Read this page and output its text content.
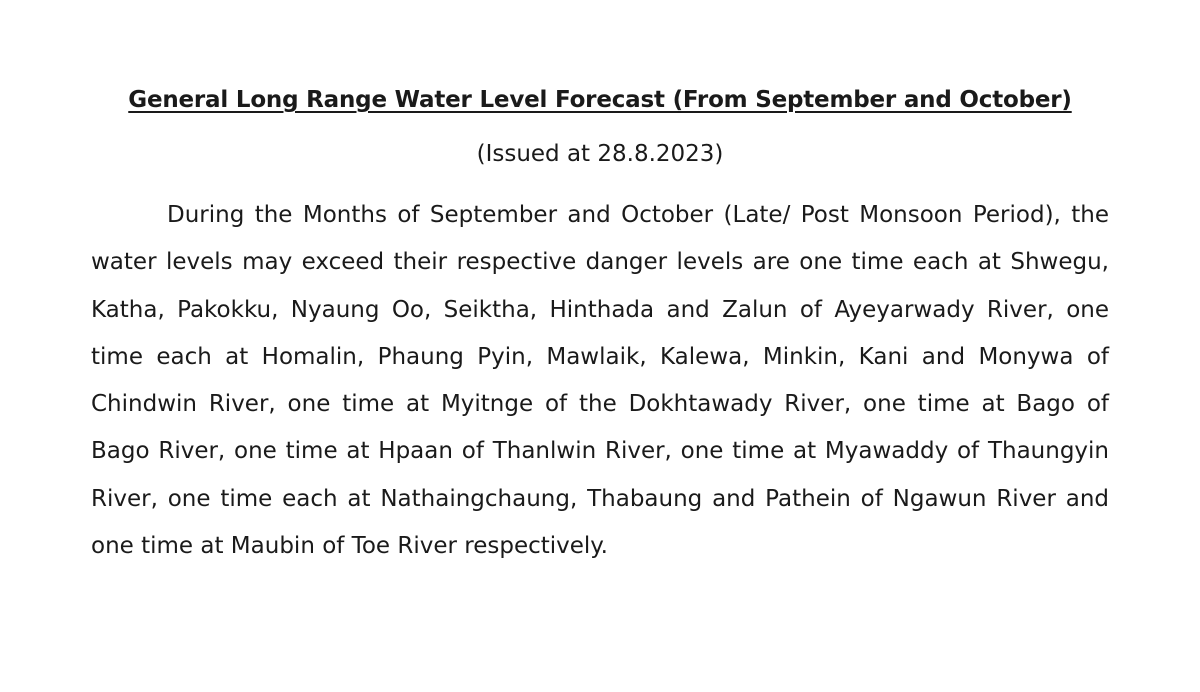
General Long Range Water Level Forecast (From September and October)
(Issued at 28.8.2023)

During the Months of September and October (Late/ Post Monsoon Period), the water levels may exceed their respective danger levels are one time each at Shwegu, Katha, Pakokku, Nyaung Oo, Seiktha, Hinthada and Zalun of Ayeyarwady River, one time each at Homalin, Phaung Pyin, Mawlaik, Kalewa, Minkin, Kani and Monywa of Chindwin River, one time at Myitnge of the Dokhtawady River, one time at Bago of Bago River, one time at Hpaan of Thanlwin River, one time at Myawaddy of Thaungyin River, one time each at Nathaingchaung, Thabaung and Pathein of Ngawun River and one time at Maubin of Toe River respectively.
